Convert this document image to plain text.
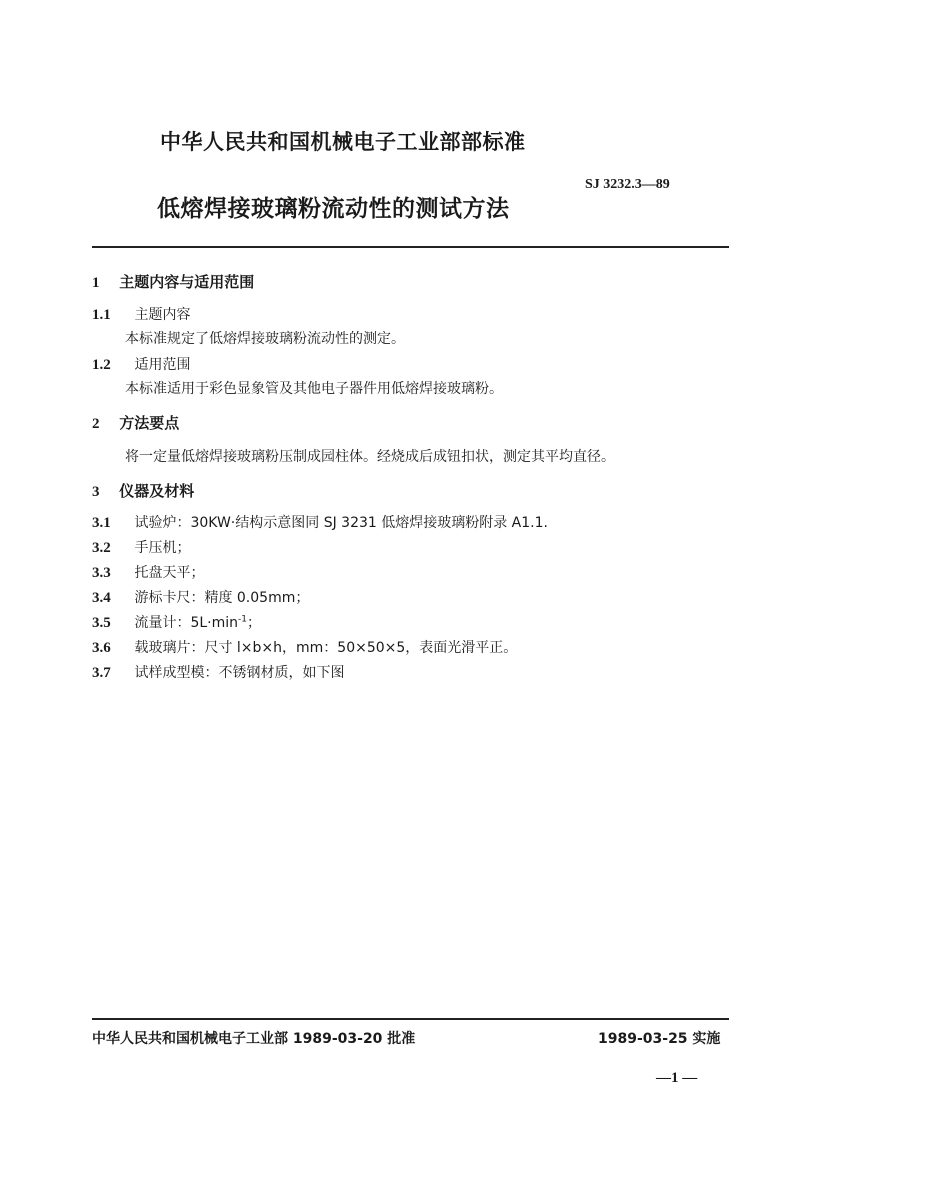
中华人民共和国机械电子工业部部标准
SJ 3232.3—89
低熔焊接玻璃粉流动性的测试方法
1 主题内容与适用范围
1.1 主题内容
本标准规定了低熔焊接玻璃粉流动性的测定。
1.2 适用范围
本标准适用于彩色显象管及其他电子器件用低熔焊接玻璃粉。
2 方法要点
将一定量低熔焊接玻璃粉压制成园柱体。经烧成后成钮扣状，测定其平均直径。
3 仪器及材料
3.1 试验炉：30KW·结构示意图同 SJ 3231 低熔焊接玻璃粉附录 A1.1.
3.2 手压机；
3.3 托盘天平；
3.4 游标卡尺：精度 0.05mm；
3.5 流量计：$5L\cdot\min^{-1}$；
3.6 载玻璃片：尺寸 l×b×h，mm：50×50×5，表面光滑平正。
3.7 试样成型模：不锈钢材质，如下图
中华人民共和国机械电子工业部 1989-03-20 批准	1989-03-25 实施
—1 —
